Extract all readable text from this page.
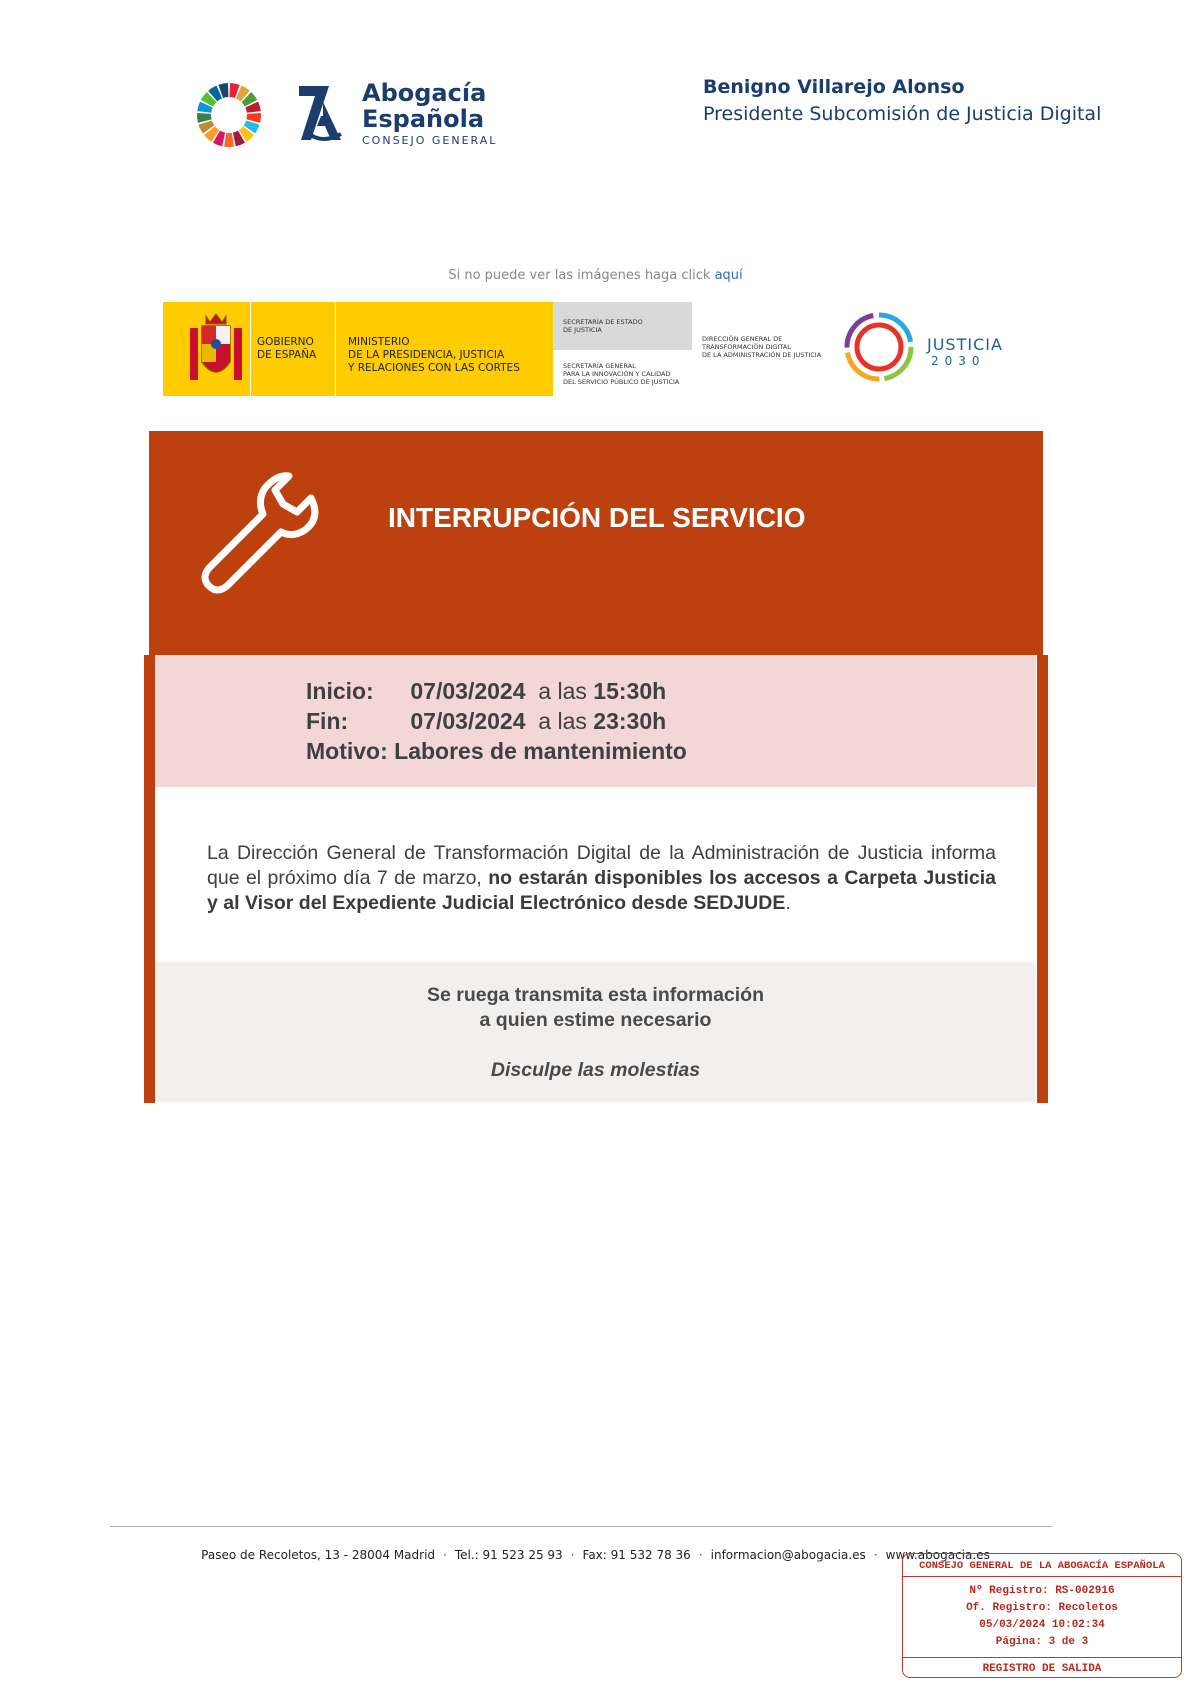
Abogacía
Española
CONSEJO GENERAL
Benigno Villarejo Alonso
Presidente Subcomisión de Justicia Digital
Si no puede ver las imágenes haga click aquí
GOBIERNO
DE ESPAÑA
MINISTERIO
DE LA PRESIDENCIA, JUSTICIA
Y RELACIONES CON LAS CORTES
SECRETARÍA DE ESTADO
DE JUSTICIA
SECRETARÍA GENERAL
PARA LA INNOVACIÓN Y CALIDAD
DEL SERVICIO PÚBLICO DE JUSTICIA
DIRECCIÓN GENERAL DE
TRANSFORMACIÓN DIGITAL
DE LA ADMINISTRACIÓN DE JUSTICIA
JUSTICIA
2030
INTERRUPCIÓN DEL SERVICIO
Inicio: 07/03/2024 a las 15:30h
Fin:	07/03/2024 a las 23:30h
Motivo: Labores de mantenimiento
La Dirección General de Transformación Digital de la Administración de Justicia informa que el próximo día 7 de marzo, no estarán disponibles los accesos a Carpeta Justicia y al Visor del Expediente Judicial Electrónico desde SEDJUDE.
Se ruega transmita esta información
a quien estime necesario
Disculpe las molestias
Paseo de Recoletos, 13 - 28004 Madrid · Tel.: 91 523 25 93 · Fax: 91 532 78 36 · informacion@abogacia.es · www.abogacia.es
CONSEJO GENERAL DE LA ABOGACÍA ESPAÑOLA
Nº Registro: RS-002916
Of. Registro: Recoletos
05/03/2024 10:02:34
Página: 3 de 3
REGISTRO DE SALIDA
